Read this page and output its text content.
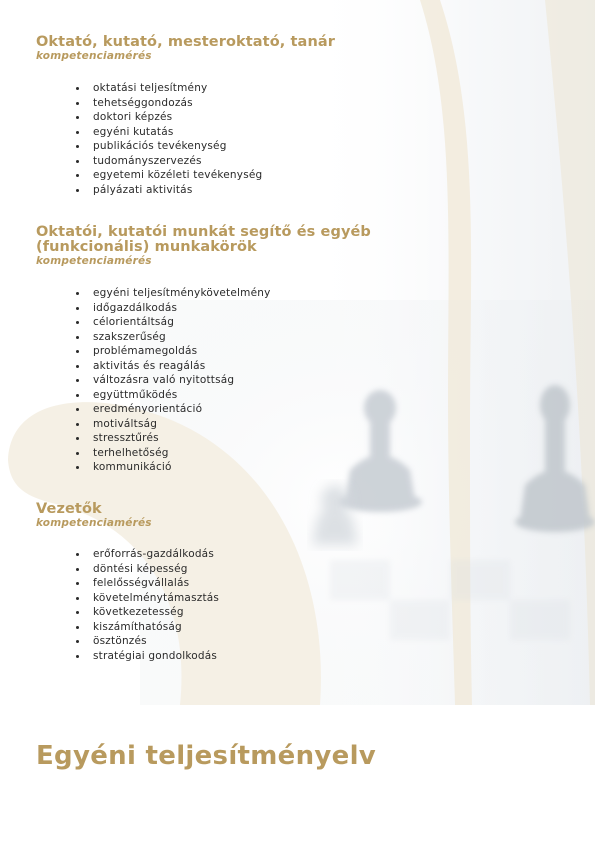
Oktató, kutató, mesteroktató, tanár

kompetenciamérés

oktatási teljesítmény
tehetséggondozás
doktori képzés
egyéni kutatás
publikációs tevékenység
tudományszervezés
egyetemi közéleti tevékenység
pályázati aktivitás
Oktatói, kutatói munkát segítő és egyéb
(funkcionális) munkakörök

kompetenciamérés

egyéni teljesítménykövetelmény
időgazdálkodás
célorientáltság
szakszerűség
problémamegoldás
aktivitás és reagálás
változásra való nyitottság
együttműködés
eredményorientáció
motiváltság
stressztűrés
terhelhetőség
kommunikáció
Vezetők

kompetenciamérés

erőforrás-gazdálkodás
döntési képesség
felelősségvállalás
követelménytámasztás
következetesség
kiszámíthatóság
ösztönzés
stratégiai gondolkodás
Egyéni teljesítményelv
